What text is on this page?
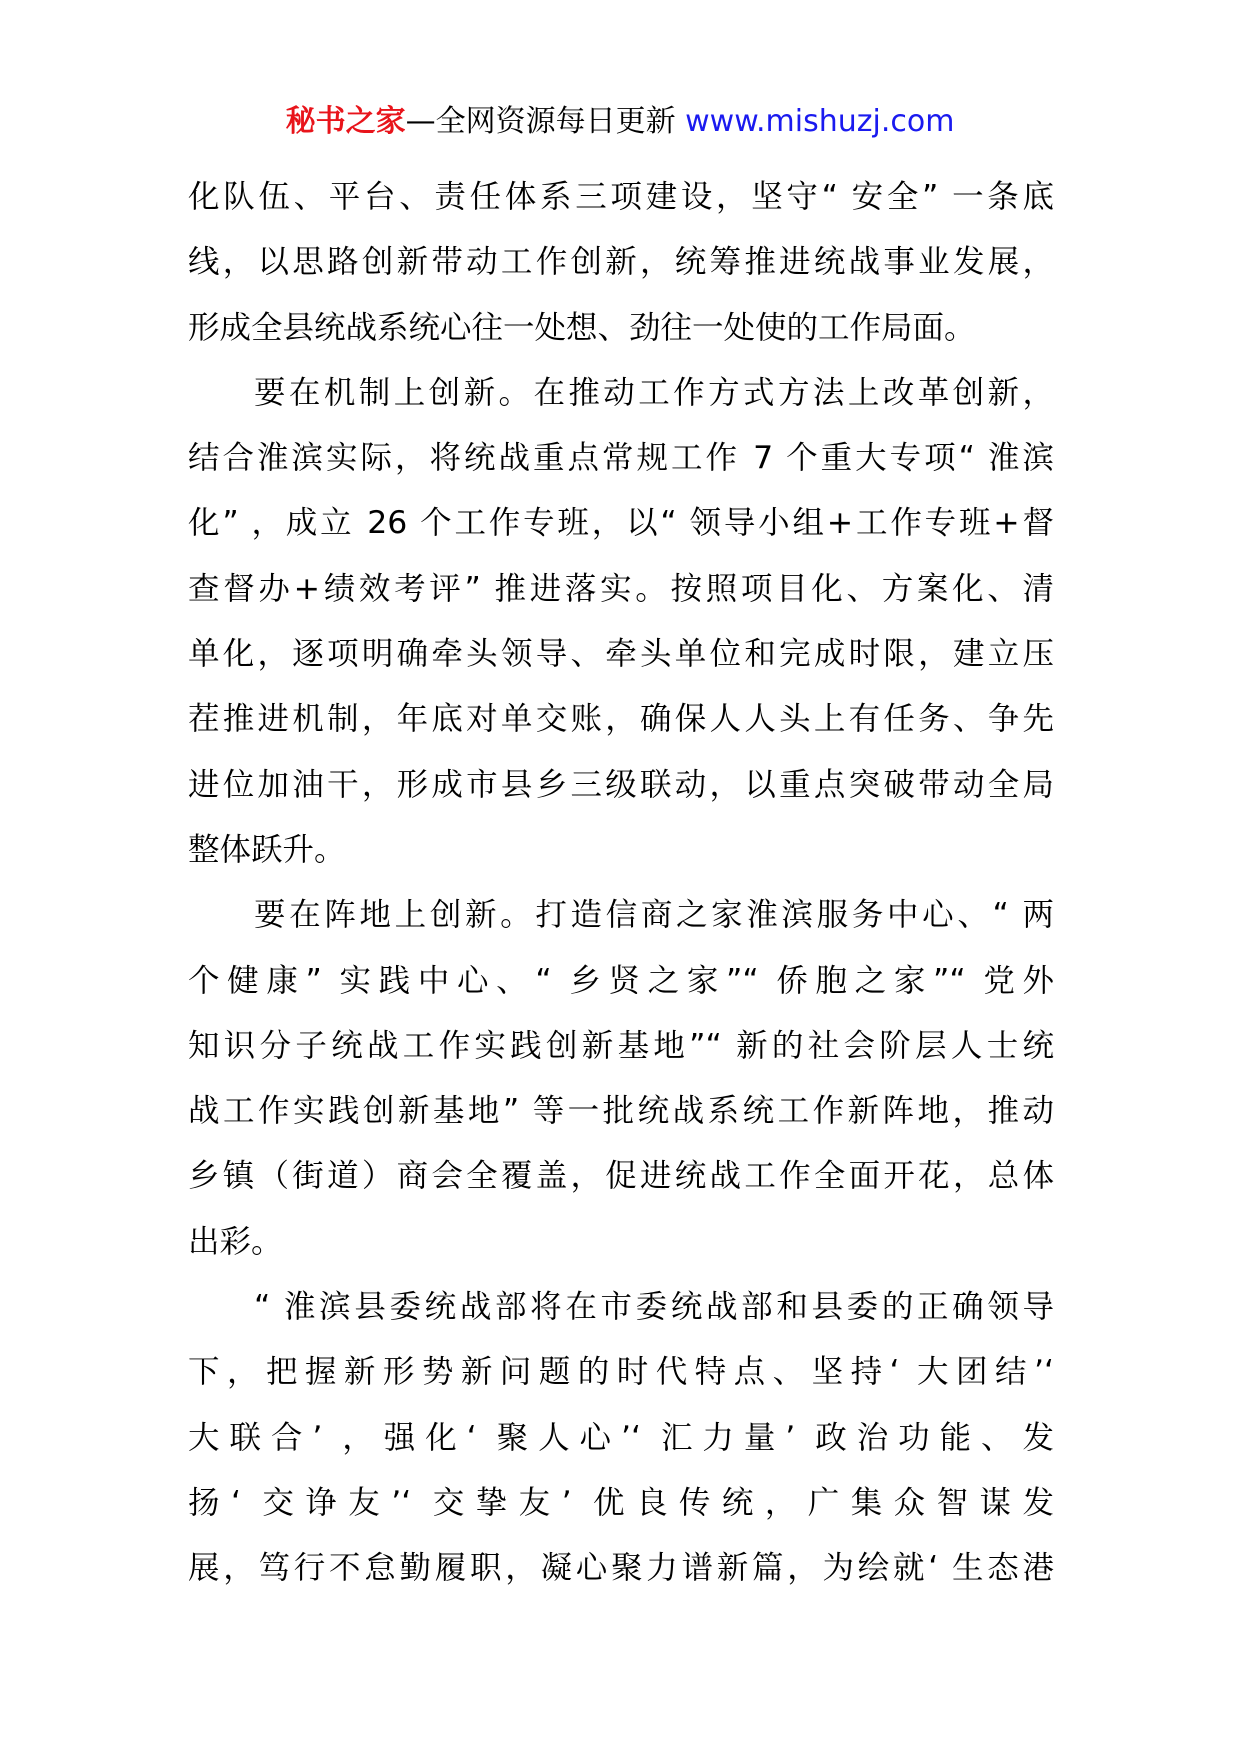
秘书之家—全网资源每日更新 www.mishuzj.com
化队伍、平台、责任体系三项建设，坚守“ 安全” 一条底
线，以思路创新带动工作创新，统筹推进统战事业发展，
形成全县统战系统心往一处想、劲往一处使的工作局面。
要在机制上创新。在推动工作方式方法上改革创新，
结合淮滨实际，将统战重点常规工作 7 个重大专项“ 淮滨
化” ，成立 26 个工作专班，以“ 领导小组+工作专班+督
查督办+绩效考评” 推进落实。按照项目化、方案化、清
单化，逐项明确牵头领导、牵头单位和完成时限，建立压
茬推进机制，年底对单交账，确保人人头上有任务、争先
进位加油干，形成市县乡三级联动，以重点突破带动全局
整体跃升。
要在阵地上创新。打造信商之家淮滨服务中心、“ 两
个健康” 实践中心、“ 乡贤之家”“ 侨胞之家”“ 党外
知识分子统战工作实践创新基地”“ 新的社会阶层人士统
战工作实践创新基地” 等一批统战系统工作新阵地，推动
乡镇（街道）商会全覆盖，促进统战工作全面开花，总体
出彩。
“ 淮滨县委统战部将在市委统战部和县委的正确领导
下，把握新形势新问题的时代特点、坚持‘ 大团结’‘
大联合’ ，强化‘ 聚人心’‘ 汇力量’ 政治功能、发
扬‘ 交诤友’‘ 交挚友’ 优良传统，广集众智谋发
展，笃行不怠勤履职，凝心聚力谱新篇，为绘就‘ 生态港
